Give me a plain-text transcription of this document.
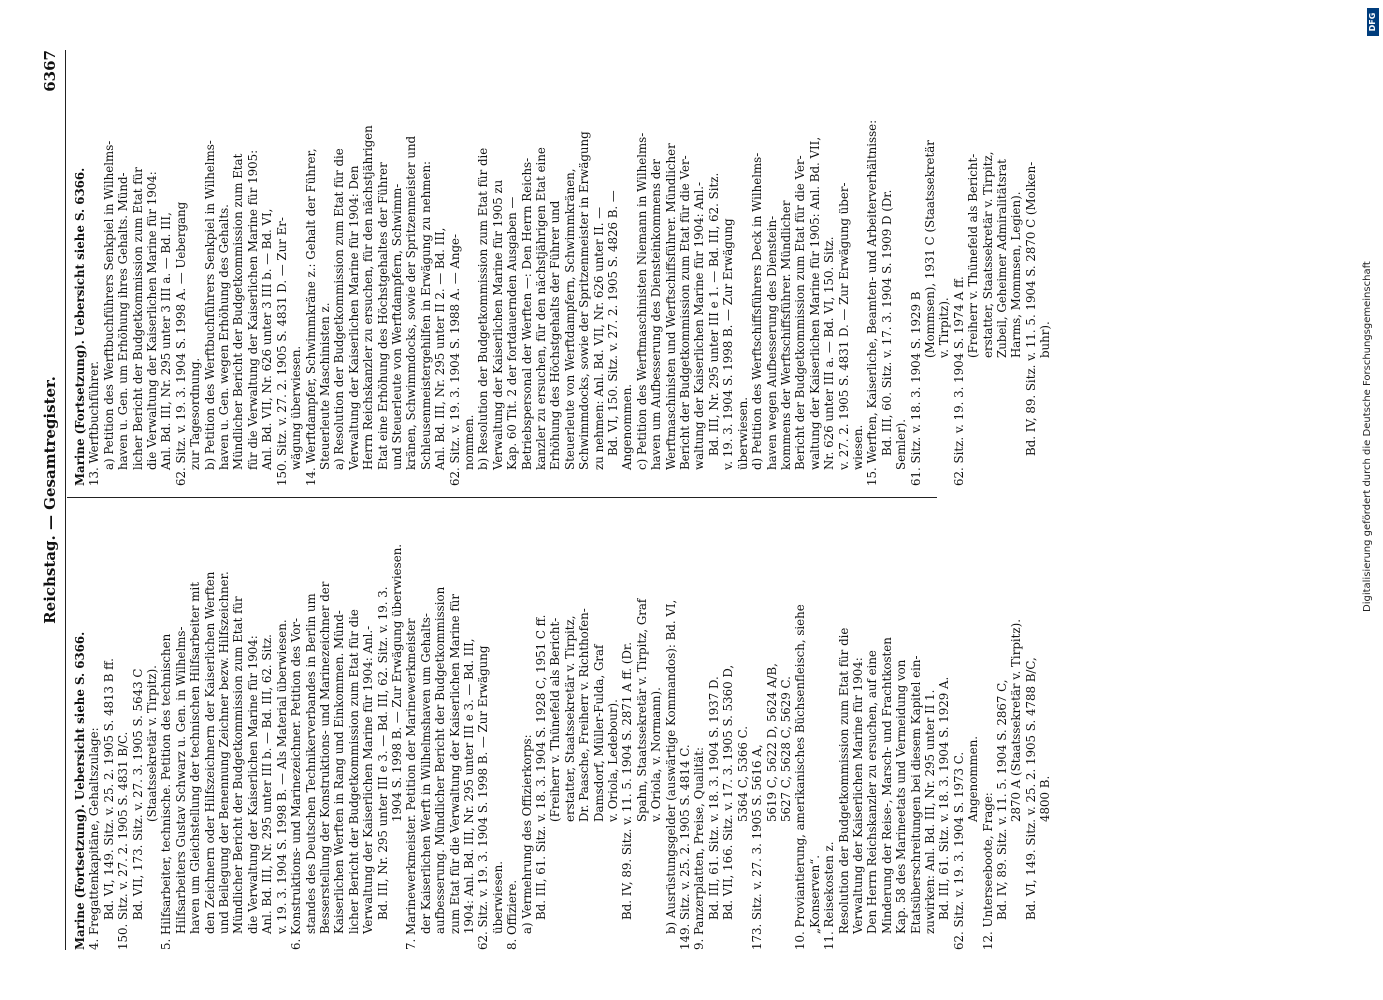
Reichstag. — Gesamtregister.
6367
Marine (Fortsetzung). Uebersicht siehe S. 6366. 4. Fregattenkapitäne, Gehaltszulage: Bd. VI, 149. Sitz. v. 25. 2. 1905 S. 4813 B ff. 150. Sitz. v. 27. 2. 1905 S. 4831 B/C. Bd. VII, 173. Sitz. v. 27. 3. 1905 S. 5643 C (Staatssekretär v. Tirpitz). 5. Hilfsarbeiter, technische. Petition des technischen Hilfsarbeiters Gustav Schwarz u. Gen. in Wilhelms- haven um Gleichstellung der technischen Hilfsarbeiter mit den Zeichnern oder Hilfszeichnern der Kaiserlichen Werften und Beilegung der Benennung Zeichner bezw. Hilfszeichner. Mündlicher Bericht der Budgetkommission zum Etat für die Verwaltung der Kaiserlichen Marine für 1904: Anl. Bd. III, Nr. 295 unter III b. — Bd. III, 62. Sitz. v. 19. 3. 1904 S. 1998 B. — Als Material überwiesen. 6. Konstruktions- und Marinezeichner. Petition des Vor- standes des Deutschen Technikerverbandes in Berlin um Besserstellung der Konstruktions- und Marinezeichner der Kaiserlichen Werften in Rang und Einkommen. Münd- licher Bericht der Budgetkommission zum Etat für die Verwaltung der Kaiserlichen Marine für 1904: Anl.- Bd. III, Nr. 295 unter III e 3. — Bd. III, 62. Sitz. v. 19. 3. 1904 S. 1998 B. — Zur Erwägung überwiesen. 7. Marinewerkmeister. Petition der Marinewerkmeister der Kaiserlichen Werft in Wilhelmshaven um Gehalts- aufbesserung. Mündlicher Bericht der Budgetkommission zum Etat für die Verwaltung der Kaiserlichen Marine für 1904: Anl. Bd. III, Nr. 295 unter III e 3. — Bd. III, 62. Sitz. v. 19. 3. 1904 S. 1998 B. — Zur Erwägung überwiesen. 8. Offiziere. a) Vermehrung des Offizierkorps: Bd. III, 61. Sitz. v. 18. 3. 1904 S. 1928 C, 1951 C ff. (Freiherr v. Thünefeld als Bericht- erstatter, Staatssekretär v. Tirpitz, Dr. Paasche, Freiherr v. Richthofen- Damsdorf, Müller-Fulda, Graf v. Oriola, Ledebour). Bd. IV, 89. Sitz. v. 11. 5. 1904 S. 2871 A ff. (Dr. Spahn, Staatssekretär v. Tirpitz, Graf v. Oriola, v. Normann). b) Ausrüstungsgelder (auswärtige Kommandos): Bd. VI, 149. Sitz. v. 25. 2. 1905 S. 4814 C. 9. Panzerplatten, Preise, Qualität: Bd. III, 61. Sitz. v. 18. 3. 1904 S. 1937 D. Bd. VII, 166. Sitz. v. 17. 3. 1905 S. 5360 D, 5364 C, 5366 C. 173. Sitz. v. 27. 3. 1905 S. 5616 A,
5619 C, 5622 D, 5624 A/B, 5627 C, 5628 C, 5629 C. 10. Proviantierung, amerikanisches Büchsenfleisch, siehe „Konserven“. 11. Reisekosten z. Resolution der Budgetkommission zum Etat für die Verwaltung der Kaiserlichen Marine für 1904: Den Herrn Reichskanzler zu ersuchen, auf eine Minderung der Reise-, Marsch- und Frachtkosten Kap. 58 des Marineetats und Vermeidung von Etatsüberschreitungen bei diesem Kapitel ein- zuwirken: Anl. Bd. III, Nr. 295 unter II 1. Bd. III, 61. Sitz. v. 18. 3. 1904 S. 1929 A. 62. Sitz. v. 19. 3. 1904 S. 1973 C. Angenommen.
12. Unterseeboote, Frage: Bd. IV, 89. Sitz. v. 11. 5. 1904 S. 2867 C, 2870 A (Staatssekretär v. Tirpitz). Bd. VI, 149. Sitz. v. 25. 2. 1905 S. 4788 B/C, 4800 B.
Marine (Fortsetzung). Uebersicht siehe S. 6366. 13. Werftbuchführer. a) Petition des Werftbuchführers Senkpiel in Wilhelms- haven u. Gen. um Erhöhung ihres Gehalts. Münd- licher Bericht der Budgetkommission zum Etat für die Verwaltung der Kaiserlichen Marine für 1904: Anl. Bd. III, Nr. 295 unter 3 III a. — Bd. III, 62. Sitz. v. 19. 3. 1904 S. 1998 A. — Uebergang zur Tagesordnung. b) Petition des Werftbuchführers Senkpiel in Wilhelms- haven u. Gen. wegen Erhöhung des Gehalts. Mündlicher Bericht der Budgetkommission zum Etat für die Verwaltung der Kaiserlichen Marine für 1905: Anl. Bd. VII, Nr. 626 unter 3 III b. — Bd. VI, 150. Sitz. v. 27. 2. 1905 S. 4831 D. — Zur Er- wägung überwiesen. 14. Werftdampfer, Schwimmkräne z.: Gehalt der Führer, Steuerleute Maschinisten z. a) Resolution der Budgetkommission zum Etat für die Verwaltung der Kaiserlichen Marine für 1904: Den Herrn Reichskanzler zu ersuchen, für den nächstjährigen Etat eine Erhöhung des Höchstgehaltes der Führer und Steuerleute von Werftdampfern, Schwimm- kränen, Schwimmdocks, sowie der Spritzenmeister und Schleusenmeistergehilfen in Erwägung zu nehmen: Anl. Bd. III, Nr. 295 unter II 2. — Bd. III, 62. Sitz. v. 19. 3. 1904 S. 1988 A. — Ange- nommen. b) Resolution der Budgetkommission zum Etat für die Verwaltung der Kaiserlichen Marine für 1905 zu Kap. 60 Tit. 2 der fortdauernden Ausgaben — Betriebspersonal der Werften —: Den Herrn Reichs- kanzler zu ersuchen, für den nächstjährigen Etat eine Erhöhung des Höchstgehalts der Führer und Steuerleute von Werftdampfern, Schwimmkränen, Schwimmdocks, sowie der Spritzenmeister in Erwägung zu nehmen: Anl. Bd. VII, Nr. 626 unter II. — Bd. VI, 150. Sitz. v. 27. 2. 1905 S. 4826 B. — Angenommen. c) Petition des Werftmaschinisten Niemann in Wilhelms- haven um Aufbesserung des Diensteinkommens der Werftmaschinisten und Werftschiffsführer. Mündlicher Bericht der Budgetkommission zum Etat für die Ver- waltung der Kaiserlichen Marine für 1904: Anl.- Bd. III, Nr. 295 unter III e 1. — Bd. III, 62. Sitz. v. 19. 3. 1904 S. 1998 B. — Zur Erwägung überwiesen. d) Petition des Werftschiffsführers Deck in Wilhelms- haven wegen Aufbesserung des Dienstein- kommens der Werftschiffsführer. Mündlicher Bericht der Budgetkommission zum Etat für die Ver- waltung der Kaiserlichen Marine für 1905: Anl. Bd. VII, Nr. 626 unter III a. — Bd. VI, 150. Sitz. v. 27. 2. 1905 S. 4831 D. — Zur Erwägung über- wiesen. 15. Werften, Kaiserliche, Beamten- und Arbeiterverhältnisse: Bd. III, 60. Sitz. v. 17. 3. 1904 S. 1909 D (Dr. Semler). 61. Sitz. v. 18. 3. 1904 S. 1929 B
(Mommsen), 1931 C (Staatssekretär v. Tirpitz). 62. Sitz. v. 19. 3. 1904 S. 1974 A ff.
(Freiherr v. Thünefeld als Bericht- erstatter, Staatssekretär v. Tirpitz, Zubeil, Geheimer Admiralitätsrat Harms, Mommsen, Legien). Bd. IV, 89. Sitz. v. 11. 5. 1904 S. 2870 C (Molken- buhr).
DFG
Digitalisierung gefördert durch die Deutsche Forschungsgemeinschaft
